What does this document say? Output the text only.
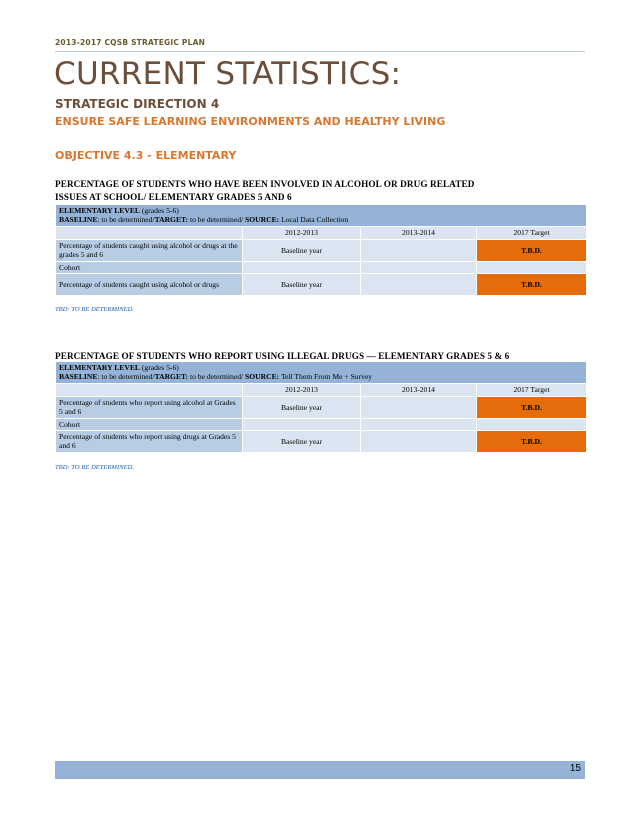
2013-2017 CQSB STRATEGIC PLAN
CURRENT STATISTICS:
STRATEGIC DIRECTION 4
ENSURE SAFE LEARNING ENVIRONMENTS AND HEALTHY LIVING
OBJECTIVE 4.3 - ELEMENTARY
PERCENTAGE OF STUDENTS WHO HAVE BEEN INVOLVED IN ALCOHOL OR DRUG RELATED
ISSUES AT SCHOOL/ ELEMENTARY GRADES 5 AND 6
ELEMENTARY LEVEL (grades 5-6)
BASELINE: to be determined/TARGET: to be determined/ SOURCE: Local Data Collection			

	2012-2013	2013-2014	2017 Target
Percentage of students caught using alcohol or drugs at the grades 5 and 6	Baseline year		T.B.D.
Cohort			
Percentage of students caught using alcohol or drugs	Baseline year		T.B.D.
TBD: TO BE DETERMINED.
PERCENTAGE OF STUDENTS WHO REPORT USING ILLEGAL DRUGS — ELEMENTARY GRADES 5 & 6
ELEMENTARY LEVEL (grades 5-6)
BASELINE: to be determined/TARGET: to be determined/ SOURCE: Tell Them From Me + Survey			

	2012-2013	2013-2014	2017 Target
Percentage of students who report using alcohol at Grades 5 and 6	Baseline year		T.B.D.
Cohort			
Percentage of students who report using drugs at Grades 5 and 6	Baseline year		T.B.D.
TBD: TO BE DETERMINED.
15
